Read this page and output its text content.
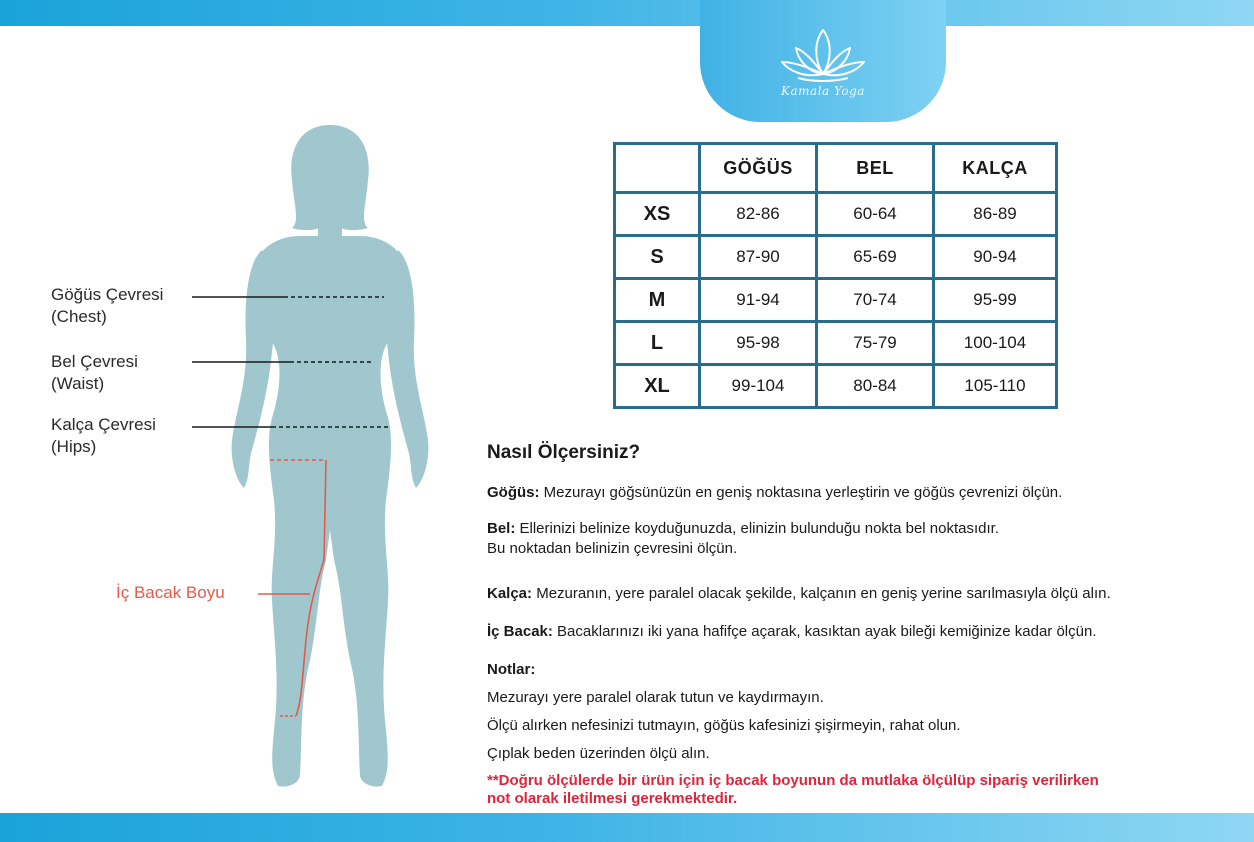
Kamala Yoga
Göğüs Çevresi
(Chest)
Bel Çevresi
(Waist)
Kalça Çevresi
(Hips)
İç Bacak Boyu
	GÖĞÜS	BEL	KALÇA
XS	82-86	60-64	86-89
S	87-90	65-69	90-94
M	91-94	70-74	95-99
L	95-98	75-79	100-104
XL	99-104	80-84	105-110
Nasıl Ölçersiniz?

Göğüs: Mezurayı göğsünüzün en geniş noktasına yerleştirin ve göğüs çevrenizi ölçün.

Bel: Ellerinizi belinize koyduğunuzda, elinizin bulunduğu nokta bel noktasıdır.

Bu noktadan belinizin çevresini ölçün.

Kalça: Mezuranın, yere paralel olacak şekilde, kalçanın en geniş yerine sarılmasıyla ölçü alın.

İç Bacak: Bacaklarınızı iki yana hafifçe açarak, kasıktan ayak bileği kemiğinize kadar ölçün.

Notlar:

Mezurayı yere paralel olarak tutun ve kaydırmayın.

Ölçü alırken nefesinizi tutmayın, göğüs kafesinizi şişirmeyin, rahat olun.

Çıplak beden üzerinden ölçü alın.

**Doğru ölçülerde bir ürün için iç bacak boyunun da mutlaka ölçülüp sipariş verilirken

not olarak iletilmesi gerekmektedir.
